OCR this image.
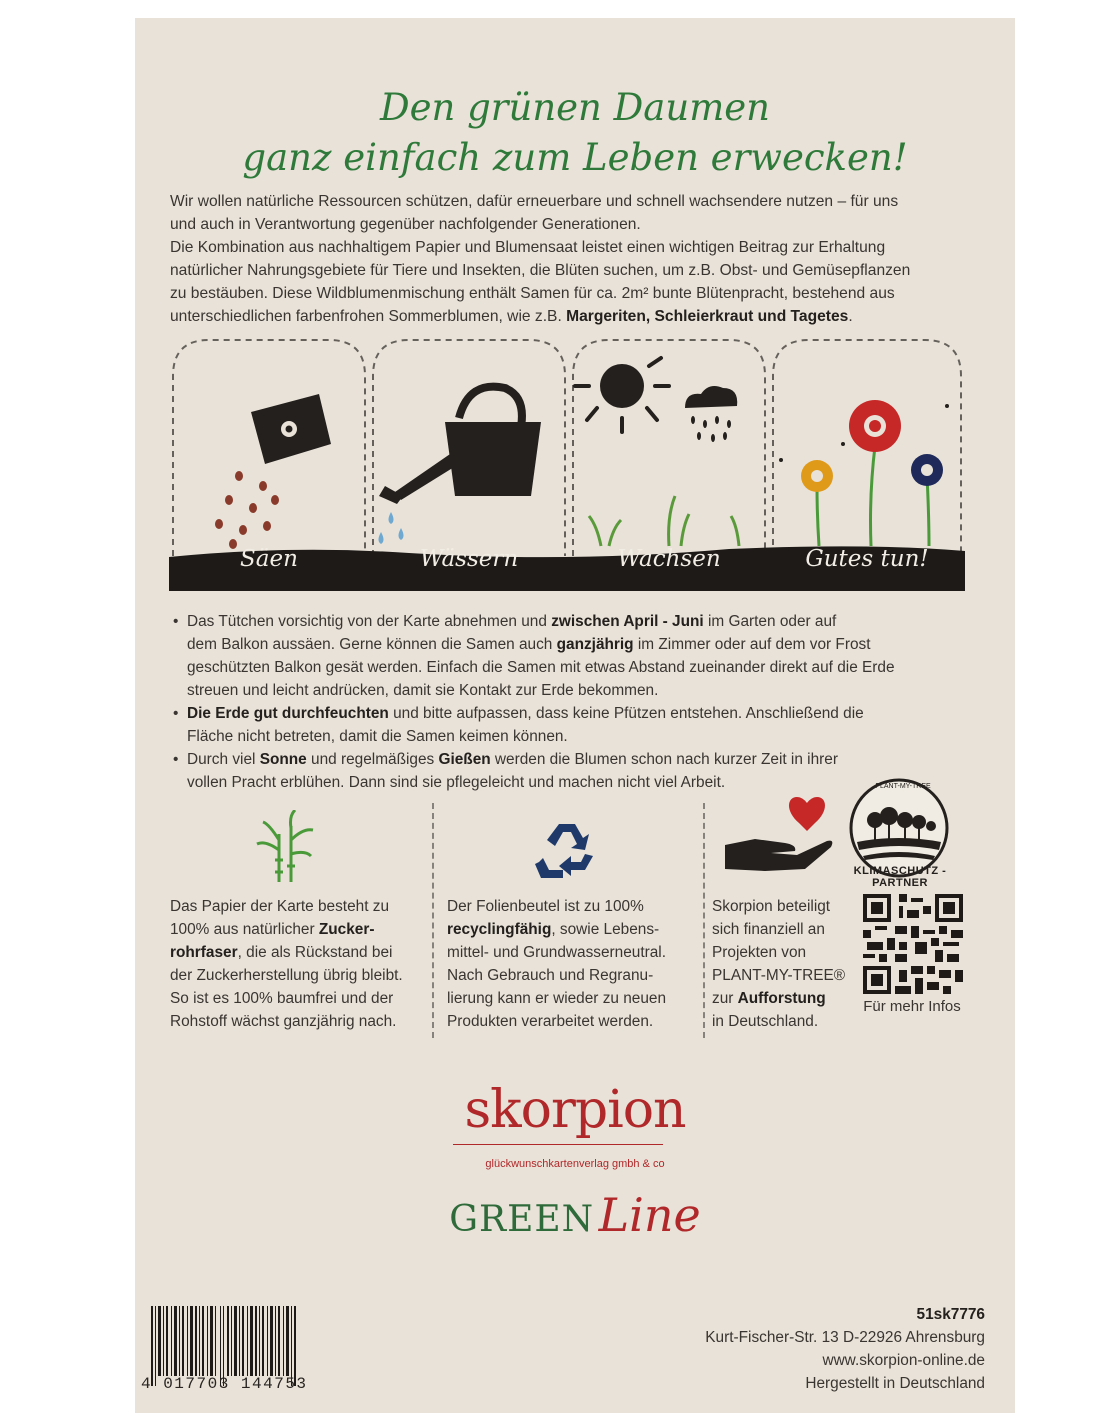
Den grünen Daumen
ganz einfach zum Leben erwecken!

Wir wollen natürliche Ressourcen schützen, dafür erneuerbare und schnell wachsendere nutzen – für uns

und auch in Verantwortung gegenüber nachfolgender Generationen.

Die Kombination aus nachhaltigem Papier und Blumensaat leistet einen wichtigen Beitrag zur Erhaltung

natürlicher Nahrungsgebiete für Tiere und Insekten, die Blüten suchen, um z.B. Obst- und Gemüsepflanzen

zu bestäuben. Diese Wildblumenmischung enthält Samen für ca. 2m² bunte Blütenpracht, bestehend aus

unterschiedlichen farbenfrohen Sommerblumen, wie z.B. Margeriten, Schleierkraut und Tagetes.

Säen	Wässern	Wachsen	Gutes tun!
• Das Tütchen vorsichtig von der Karte abnehmen und zwischen April - Juni im Garten oder auf
dem Balkon aussäen. Gerne können die Samen auch ganzjährig im Zimmer oder auf dem vor Frost
geschützten Balkon gesät werden. Einfach die Samen mit etwas Abstand zueinander direkt auf die Erde
streuen und leicht andrücken, damit sie Kontakt zur Erde bekommen.
• Die Erde gut durchfeuchten und bitte aufpassen, dass keine Pfützen entstehen. Anschließend die
Fläche nicht betreten, damit die Samen keimen können.
• Durch viel Sonne und regelmäßiges Gießen werden die Blumen schon nach kurzer Zeit in ihrer
vollen Pracht erblühen. Dann sind sie pflegeleicht und machen nicht viel Arbeit.	PLANT-MY-TREE
KLIMASCHUTZ - PARTNER
Für mehr Infos
Das Papier der Karte besteht zu
100% aus natürlicher Zucker-
rohrfaser, die als Rückstand bei
der Zuckerherstellung übrig bleibt.
So ist es 100% baumfrei und der
Rohstoff wächst ganzjährig nach.
Der Folienbeutel ist zu 100%
recyclingfähig, sowie Lebens-
mittel- und Grundwasserneutral.
Nach Gebrauch und Regranu-
lierung kann er wieder zu neuen
Produkten verarbeitet werden.
Skorpion beteiligt
sich finanziell an
Projekten von
PLANT-MY-TREE®
zur Aufforstung
in Deutschland.
skorpion
glückwunschkartenverlag gmbh & co
GREEN Line
4 017703 144753
51sk7776
Kurt-Fischer-Str. 13 D-22926 Ahrensburg
www.skorpion-online.de
Hergestellt in Deutschland
